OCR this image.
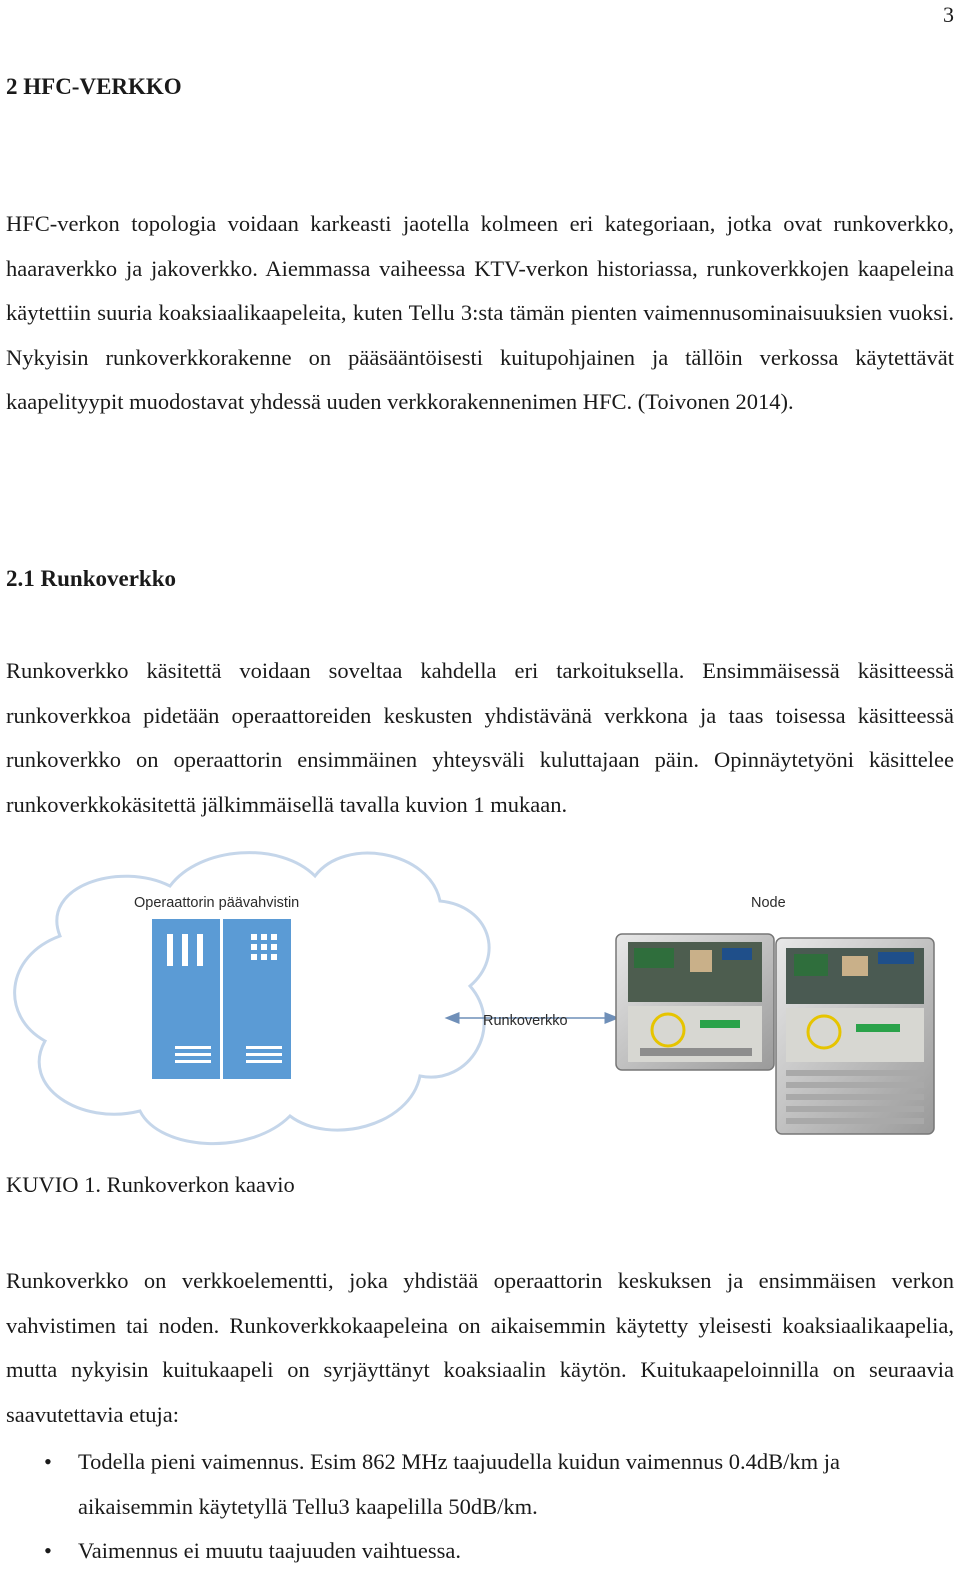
3
2 HFC-VERKKO

HFC-verkon topologia voidaan karkeasti jaotella kolmeen eri kategoriaan, jotka ovat runkoverkko, haaraverkko ja jakoverkko. Aiemmassa vaiheessa KTV-verkon historiassa, runkoverkkojen kaapeleina käytettiin suuria koaksiaalikaapeleita, kuten Tellu 3:sta tämän pienten vaimennusominaisuuksien vuoksi. Nykyisin runkoverkkorakenne on pääsääntöisesti kuitupohjainen ja tällöin verkossa käytettävät kaapelityypit muodostavat yhdessä uuden verkkorakennenimen HFC. (Toivonen 2014).

2.1 Runkoverkko

Runkoverkko käsitettä voidaan soveltaa kahdella eri tarkoituksella. Ensimmäisessä käsitteessä runkoverkkoa pidetään operaattoreiden keskusten yhdistävänä verkkona ja taas toisessa käsitteessä runkoverkko on operaattorin ensimmäinen yhteysväli kuluttajaan päin. Opinnäytetyöni käsittelee runkoverkkokäsitettä jälkimmäisellä tavalla kuvion 1 mukaan.

Operaattorin päävahvistin
Runkoverkko
Node

KUVIO 1. Runkoverkon kaavio

Runkoverkko on verkkoelementti, joka yhdistää operaattorin keskuksen ja ensimmäisen verkon vahvistimen tai noden. Runkoverkkokaapeleina on aikaisemmin käytetty yleisesti koaksiaalikaapelia, mutta nykyisin kuitukaapeli on syrjäyttänyt koaksiaalin käytön. Kuitukaapeloinnilla on seuraavia saavutettavia etuja:

• Todella pieni vaimennus. Esim 862 MHz taajuudella kuidun vaimennus 0.4dB/km ja aikaisemmin käytetyllä Tellu3 kaapelilla 50dB/km.
• Vaimennus ei muutu taajuuden vaihtuessa.
